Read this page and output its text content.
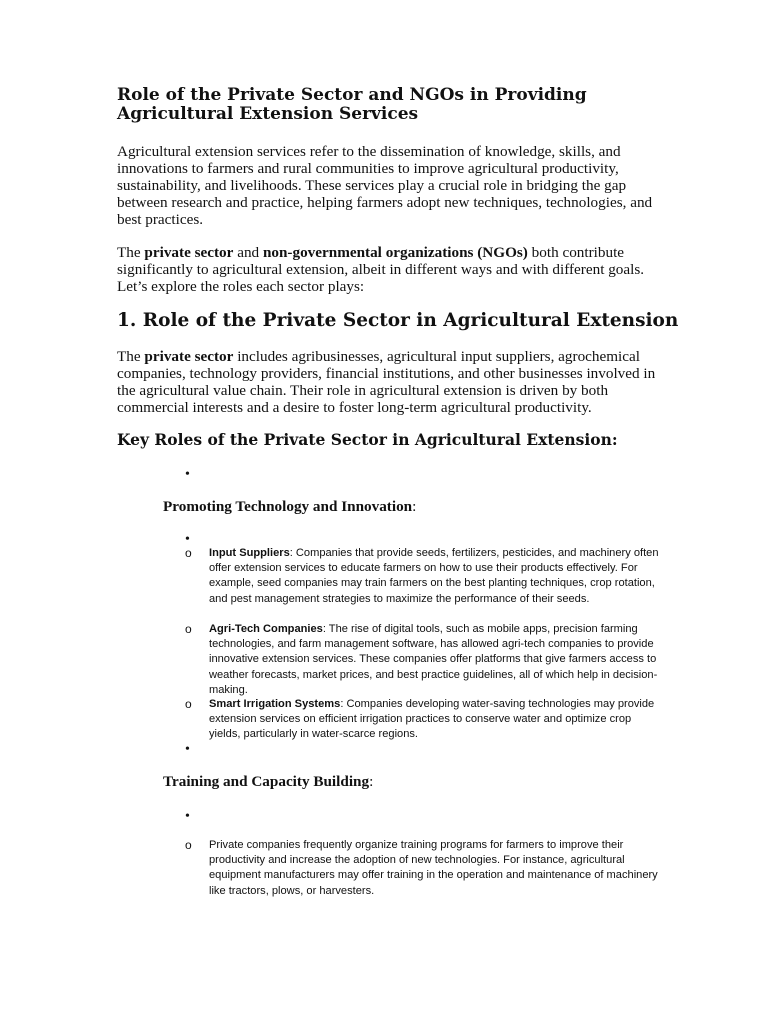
Role of the Private Sector and NGOs in Providing Agricultural Extension Services

Agricultural extension services refer to the dissemination of knowledge, skills, and innovations to farmers and rural communities to improve agricultural productivity, sustainability, and livelihoods. These services play a crucial role in bridging the gap between research and practice, helping farmers adopt new techniques, technologies, and best practices.

The private sector and non-governmental organizations (NGOs) both contribute significantly to agricultural extension, albeit in different ways and with different goals. Let’s explore the roles each sector plays:

1. Role of the Private Sector in Agricultural Extension

The private sector includes agribusinesses, agricultural input suppliers, agrochemical companies, technology providers, financial institutions, and other businesses involved in the agricultural value chain. Their role in agricultural extension is driven by both commercial interests and a desire to foster long-term agricultural productivity.

Key Roles of the Private Sector in Agricultural Extension:
•

Promoting Technology and Innovation:

•
o Input Suppliers: Companies that provide seeds, fertilizers, pesticides, and machinery often offer extension services to educate farmers on how to use their products effectively. For example, seed companies may train farmers on the best planting techniques, crop rotation, and pest management strategies to maximize the performance of their seeds.

o Agri-Tech Companies: The rise of digital tools, such as mobile apps, precision farming technologies, and farm management software, has allowed agri-tech companies to provide innovative extension services. These companies offer platforms that give farmers access to weather forecasts, market prices, and best practice guidelines, all of which help in decision-making.

o Smart Irrigation Systems: Companies developing water-saving technologies may provide extension services on efficient irrigation practices to conserve water and optimize crop yields, particularly in water-scarce regions.

•

Training and Capacity Building:

•
o Private companies frequently organize training programs for farmers to improve their productivity and increase the adoption of new technologies. For instance, agricultural equipment manufacturers may offer training in the operation and maintenance of machinery like tractors, plows, or harvesters.
